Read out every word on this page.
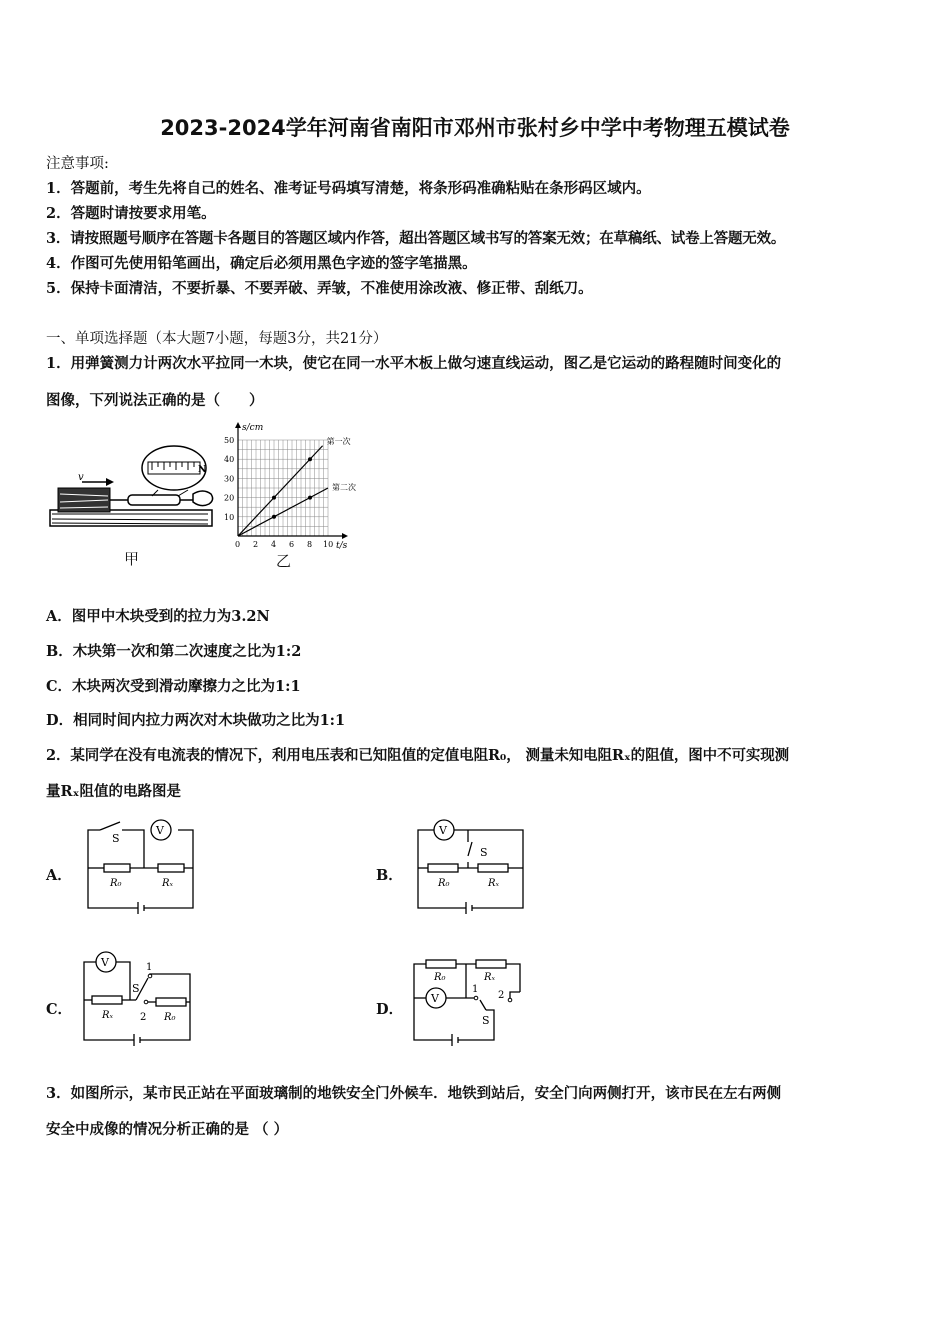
2023-2024学年河南省南阳市邓州市张村乡中学中考物理五模试卷
注意事项:
1．答题前，考生先将自己的姓名、准考证号码填写清楚，将条形码准确粘贴在条形码区域内。
2．答题时请按要求用笔。
3．请按照题号顺序在答题卡各题目的答题区域内作答，超出答题区域书写的答案无效；在草稿纸、试卷上答题无效。
4．作图可先使用铅笔画出，确定后必须用黑色字迹的签字笔描黑。
5．保持卡面清洁，不要折暴、不要弄破、弄皱，不准使用涂改液、修正带、刮纸刀。
一、单项选择题（本大题7小题，每题3分，共21分）
1．用弹簧测力计两次水平拉同一木块，使它在同一水平木板上做匀速直线运动，图乙是它运动的路程随时间变化的
图像，下列说法正确的是（　　）
v
N
甲
0 2 4 6 8 10
10
20
30
40
50
t/s
s/cm
第一次
第二次
乙
A．图甲中木块受到的拉力为3.2N
B．木块第一次和第二次速度之比为1:2
C．木块两次受到滑动摩擦力之比为1:1
D．相同时间内拉力两次对木块做功之比为1:1
2．某同学在没有电流表的情况下，利用电压表和已知阻值的定值电阻R₀， 测量未知电阻Rₓ的阻值，图中不可实现测
量Rₓ阻值的电路图是
A．	B．
C．	D．
V
S
R₀	Rₓ
V
S
R₀	Rₓ
V
S
1
2
Rₓ	R₀
V
S
1
2
R₀	Rₓ
3．如图所示，某市民正站在平面玻璃制的地铁安全门外候车．地铁到站后，安全门向两侧打开，该市民在左右两侧
安全中成像的情况分析正确的是 （ ）
